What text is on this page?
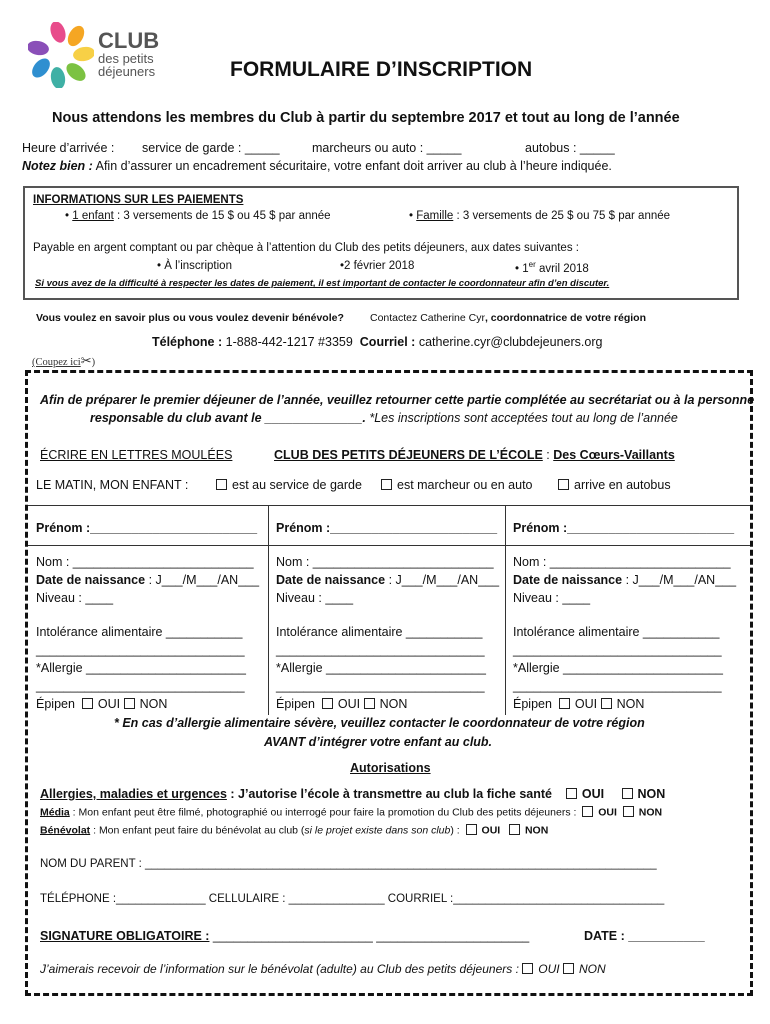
CLUB
des petits
déjeuners	FORMULAIRE D’INSCRIPTION
Nous attendons les membres du Club à partir du septembre 2017 et tout au long de l’année
Heure d’arrivée : service de garde : _____	marcheurs ou auto : _____	autobus : _____
Notez bien : Afin d’assurer un encadrement sécuritaire, votre enfant doit arriver au club à l’heure indiquée.
INFORMATIONS SUR LES PAIEMENTS
• 1 enfant : 3 versements de 15 $ ou 45 $ par année	• Famille : 3 versements de 25 $ ou 75 $ par année
Payable en argent comptant ou par chèque à l’attention du Club des petits déjeuners, aux dates suivantes :
• À l’inscription	•2 février 2018	• 1er avril 2018
Si vous avez de la difficulté à respecter les dates de paiement, il est important de contacter le coordonnateur afin d’en discuter.
Vous voulez en savoir plus ou vous voulez devenir bénévole? Contactez Catherine Cyr, coordonnatrice de votre région
Téléphone : 1-888-442-1217 #3359 Courriel : catherine.cyr@clubdejeuners.org
(Coupez ici✂)
Afin de préparer le premier déjeuner de l’année, veuillez retourner cette partie complétée au secrétariat ou à la personne
responsable du club avant le ______________. *Les inscriptions sont acceptées tout au long de l’année
ÉCRIRE EN LETTRES MOULÉES	CLUB DES PETITS DÉJEUNERS DE L’ÉCOLE : Des Cœurs-Vaillants
LE MATIN, MON ENFANT :	est au service de garde	est marcheur ou en auto	arrive en autobus
Prénom :________________________
Nom : __________________________
Date de naissance : J___/M___/AN___
Niveau : ____
Intolérance alimentaire ___________
______________________________
*Allergie _______________________
______________________________
Épipen OUI NON
Prénom :________________________
Nom : __________________________
Date de naissance : J___/M___/AN___
Niveau : ____
Intolérance alimentaire ___________
______________________________
*Allergie _______________________
______________________________
Épipen OUI NON
Prénom :________________________
Nom : __________________________
Date de naissance : J___/M___/AN___
Niveau : ____
Intolérance alimentaire ___________
______________________________
*Allergie _______________________
______________________________
Épipen OUI NON
* En cas d’allergie alimentaire sévère, veuillez contacter le coordonnateur de votre région
AVANT d’intégrer votre enfant au club.
Autorisations
Allergies, maladies et urgences : J’autorise l’école à transmettre au club la fiche santé OUI	NON
Média : Mon enfant peut être filmé, photographié ou interrogé pour faire la promotion du Club des petits déjeuners : OUI NON
Bénévolat : Mon enfant peut faire du bénévolat au club (si le projet existe dans son club) : OUI NON
NOM DU PARENT : ________________________________________________________________________________
TÉLÉPHONE :______________ CELLULAIRE : _______________ COURRIEL :_________________________________
SIGNATURE OBLIGATOIRE : _______________________ ______________________	DATE : ___________
J’aimerais recevoir de l’information sur le bénévolat (adulte) au Club des petits déjeuners : OUI NON
